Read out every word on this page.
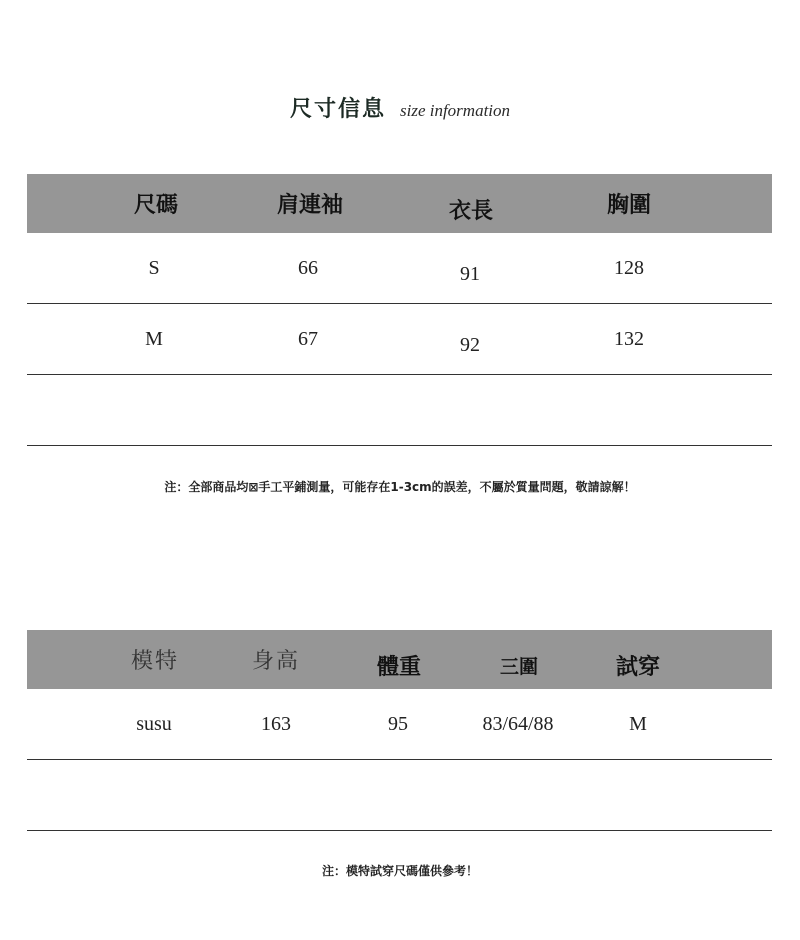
尺寸信息 size information
尺碼	肩連袖	衣長	胸圍
S	66	91	128
M	67	92	132
注：全部商品均⊠手工平鋪測量，可能存在1-3cm的誤差，不屬於質量問題，敬請諒解！
模特	身高	體重	三圍	試穿
susu	163	95	83/64/88	M
注：模特試穿尺碼僅供參考！
